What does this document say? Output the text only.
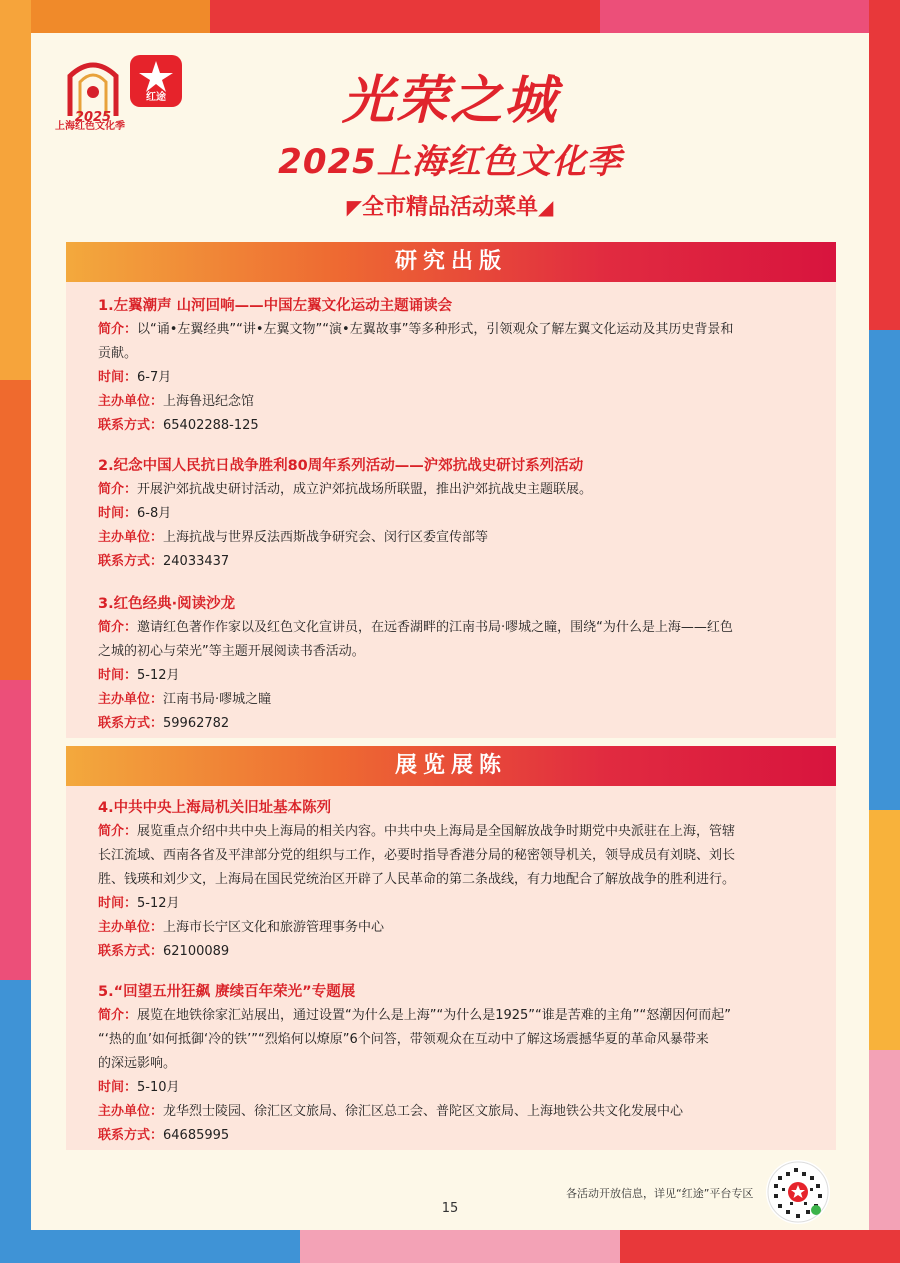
2025
上海红色文化季
红途	光荣之城
2025上海红色文化季
◤全市精品活动菜单◢
研究出版
1.左翼潮声 山河回响——中国左翼文化运动主题诵读会
简介：以“诵•左翼经典”“讲•左翼文物”“演•左翼故事”等多种形式，引领观众了解左翼文化运动及其历史背景和
贡献。
时间：6-7月
主办单位：上海鲁迅纪念馆
联系方式：65402288-125
2.纪念中国人民抗日战争胜利80周年系列活动——沪郊抗战史研讨系列活动
简介：开展沪郊抗战史研讨活动，成立沪郊抗战场所联盟，推出沪郊抗战史主题联展。
时间：6-8月
主办单位：上海抗战与世界反法西斯战争研究会、闵行区委宣传部等
联系方式：24033437
3.红色经典·阅读沙龙
简介：邀请红色著作作家以及红色文化宣讲员，在远香湖畔的江南书局·嘐城之瞳，围绕“为什么是上海——红色
之城的初心与荣光”等主题开展阅读书香活动。
时间：5-12月
主办单位：江南书局·嘐城之瞳
联系方式：59962782
展览展陈
4.中共中央上海局机关旧址基本陈列
简介：展览重点介绍中共中央上海局的相关内容。中共中央上海局是全国解放战争时期党中央派驻在上海，管辖
长江流域、西南各省及平津部分党的组织与工作，必要时指导香港分局的秘密领导机关，领导成员有刘晓、刘长
胜、钱瑛和刘少文，上海局在国民党统治区开辟了人民革命的第二条战线，有力地配合了解放战争的胜利进行。
时间：5-12月
主办单位：上海市长宁区文化和旅游管理事务中心
联系方式：62100089
5.“回望五卅狂飙 赓续百年荣光”专题展
简介：展览在地铁徐家汇站展出，通过设置“为什么是上海”“为什么是1925”“谁是苦难的主角”“怒潮因何而起”
“‘热的血’如何抵御‘冷的铁’”“烈焰何以燎原”6个问答，带领观众在互动中了解这场震撼华夏的革命风暴带来
的深远影响。
时间：5-10月
主办单位：龙华烈士陵园、徐汇区文旅局、徐汇区总工会、普陀区文旅局、上海地铁公共文化发展中心
联系方式：64685995
各活动开放信息，详见“红途”平台专区
15
